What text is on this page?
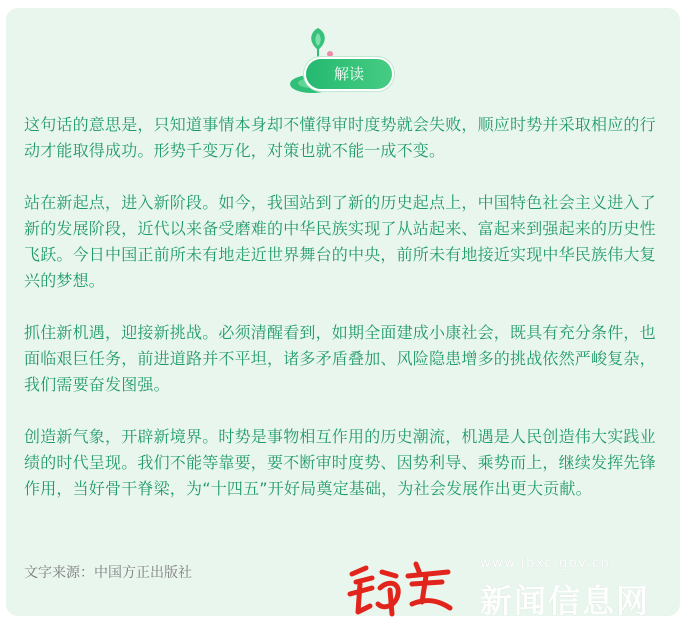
解读

这句话的意思是，只知道事情本身却不懂得审时度势就会失败，顺应时势并采取相应的行动才能取得成功。形势千变万化，对策也就不能一成不变。

站在新起点，进入新阶段。如今，我国站到了新的历史起点上，中国特色社会主义进入了新的发展阶段，近代以来备受磨难的中华民族实现了从站起来、富起来到强起来的历史性飞跃。今日中国正前所未有地走近世界舞台的中央，前所未有地接近实现中华民族伟大复兴的梦想。

抓住新机遇，迎接新挑战。必须清醒看到，如期全面建成小康社会，既具有充分条件，也面临艰巨任务，前进道路并不平坦，诸多矛盾叠加、风险隐患增多的挑战依然严峻复杂，我们需要奋发图强。

创造新气象，开辟新境界。时势是事物相互作用的历史潮流，机遇是人民创造伟大实践业绩的时代呈现。我们不能等靠要，要不断审时度势、因势利导、乘势而上，继续发挥先锋作用，当好骨干脊梁，为“十四五”开好局奠定基础，为社会发展作出更大贡献。

文字来源：中国方正出版社
www.jbxc.gov.cn
新闻信息网
